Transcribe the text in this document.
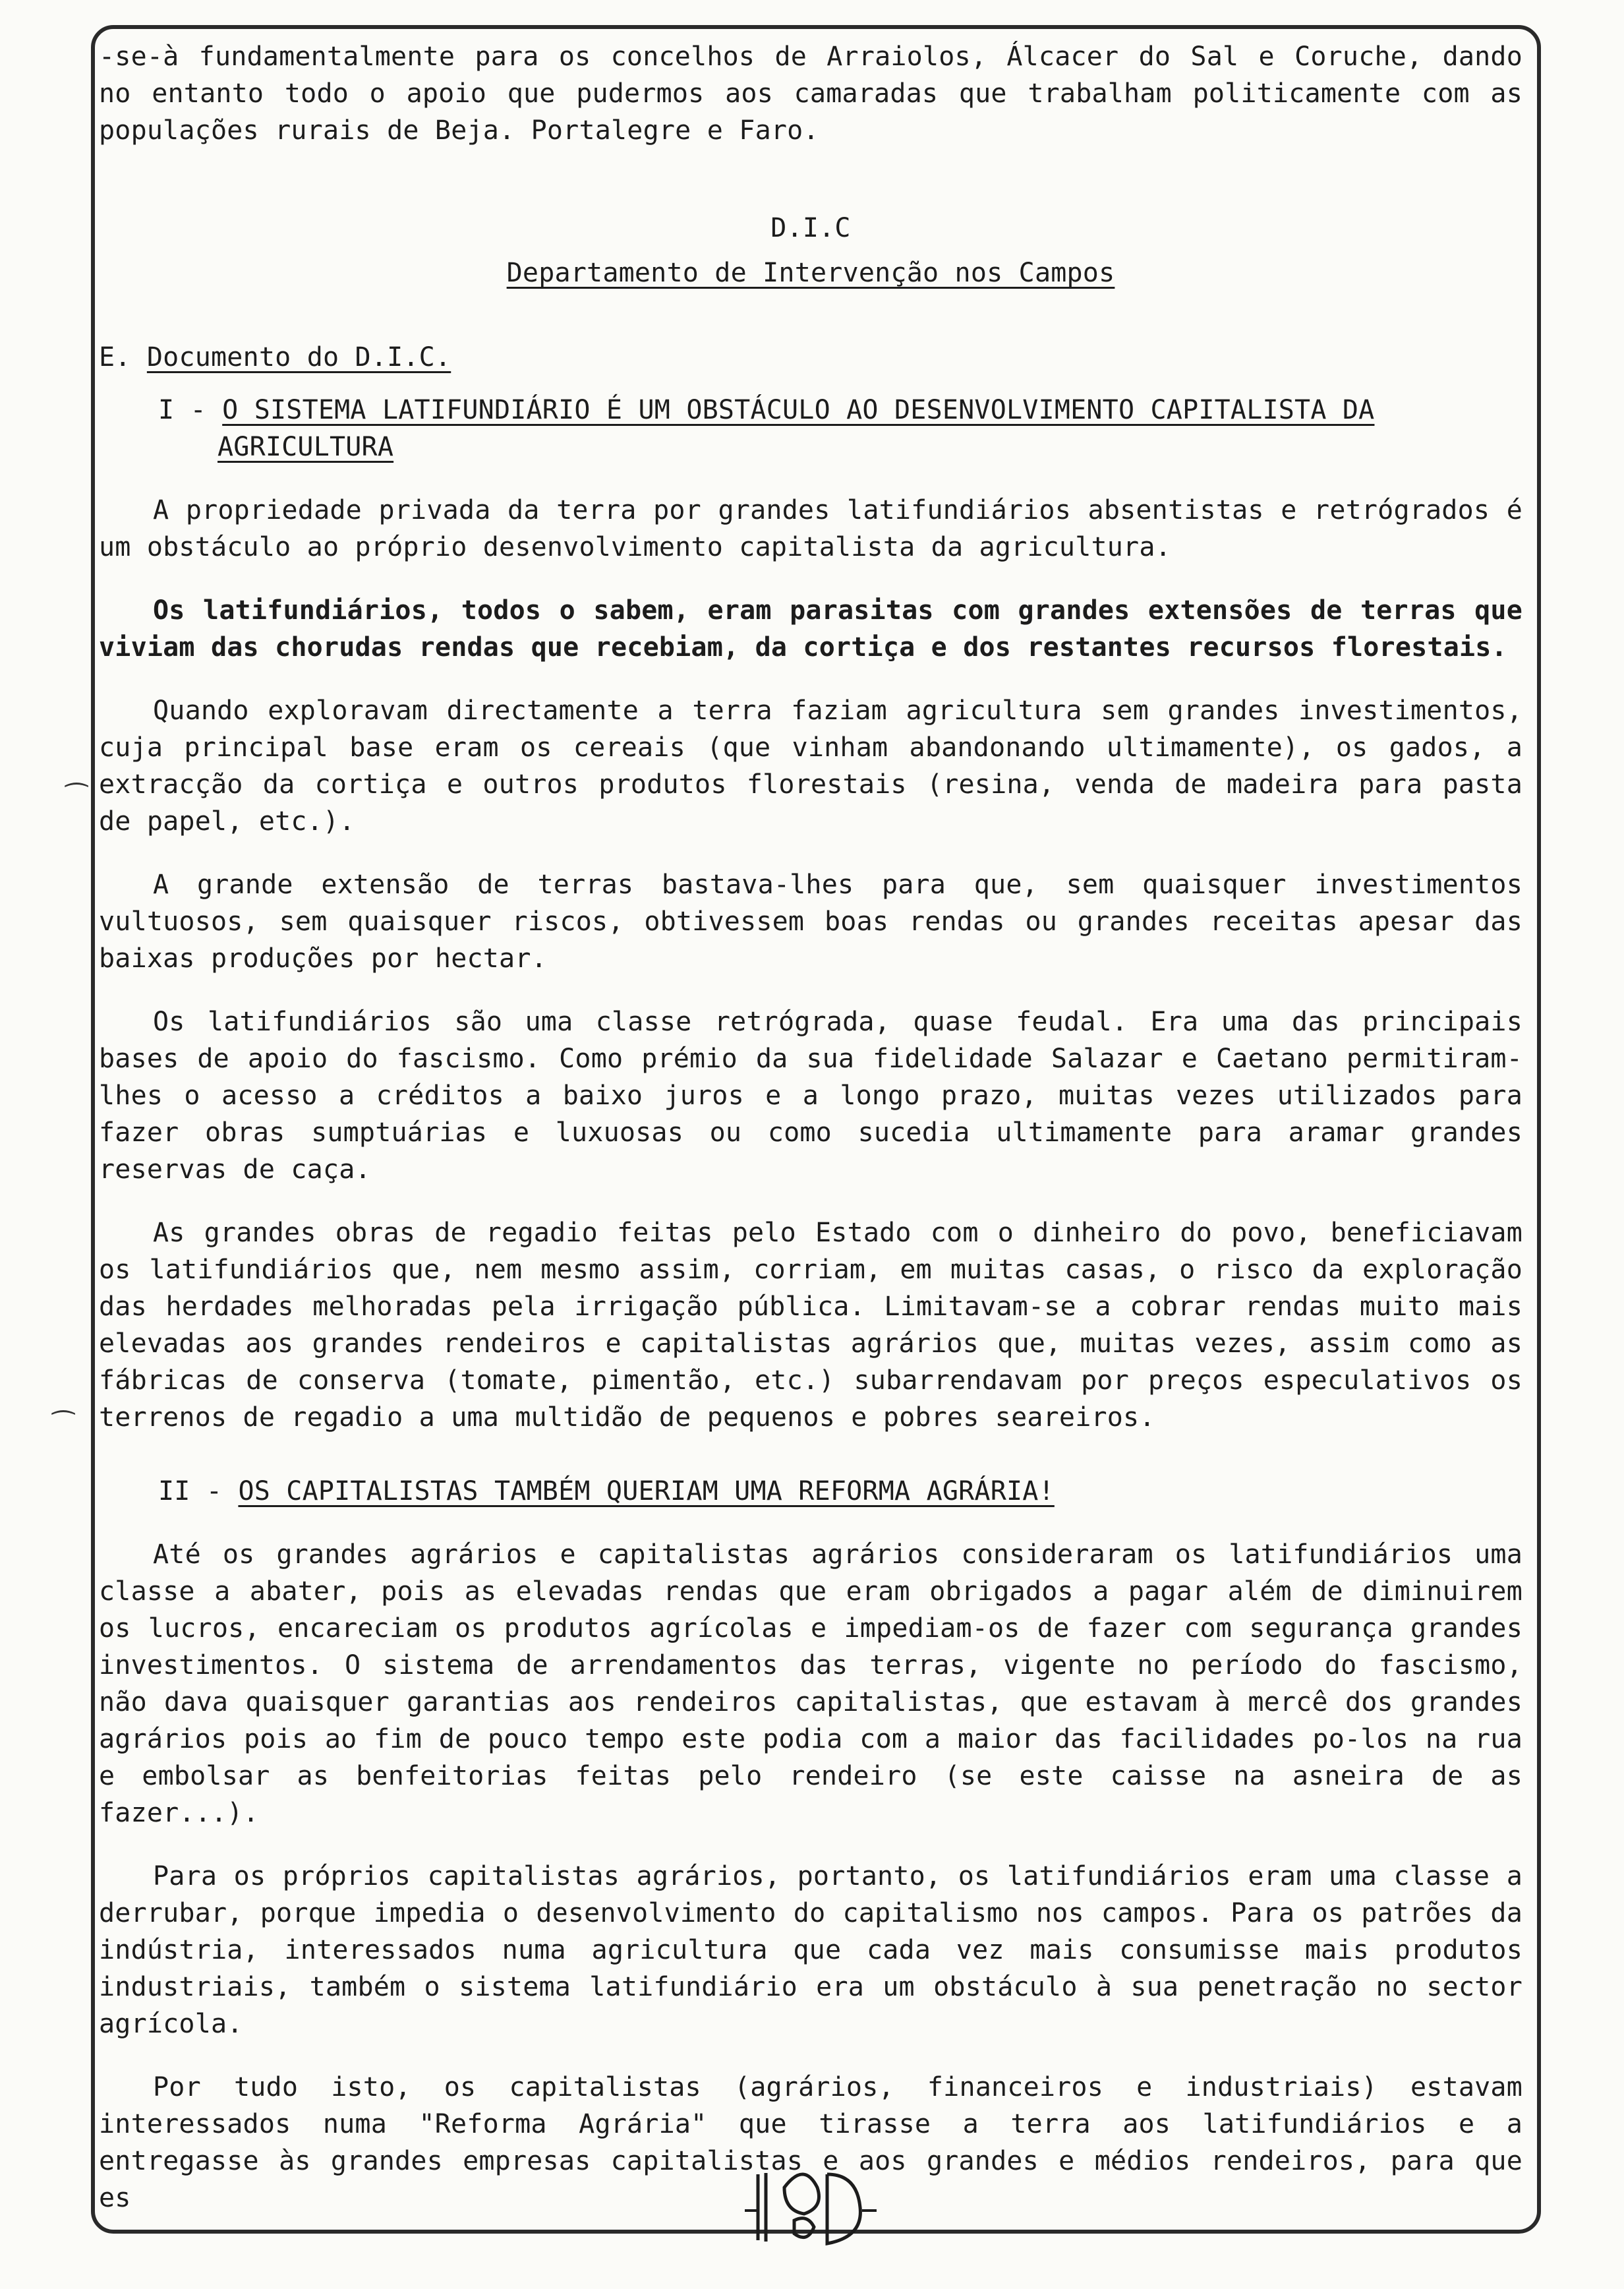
-se-à fundamentalmente para os concelhos de Arraiolos, Álcacer do Sal e Coruche, dando no entanto todo o apoio que pudermos aos camaradas que trabalham politicamente com as populações rurais de Beja. Portalegre e Faro.

D.I.C
Departamento de Intervenção nos Campos
E. Documento do D.I.C.
I - O SISTEMA LATIFUNDIÁRIO É UM OBSTÁCULO AO DESENVOLVIMENTO CAPITALISTA DA
AGRICULTURA

A propriedade privada da terra por grandes latifundiários absentistas e retrógrados é um obstáculo ao próprio desenvolvimento capitalista da agricultura.

Os latifundiários, todos o sabem, eram parasitas com grandes extensões de terras que viviam das chorudas rendas que recebiam, da cortiça e dos restantes recursos florestais.

Quando exploravam directamente a terra faziam agricultura sem grandes investimentos, cuja principal base eram os cereais (que vinham abandonando ultimamente), os gados, a extracção da cortiça e outros produtos florestais (resina, venda de madeira para pasta de papel, etc.).

A grande extensão de terras bastava-lhes para que, sem quaisquer investimentos vultuosos, sem quaisquer riscos, obtivessem boas rendas ou grandes receitas apesar das baixas produções por hectar.

Os latifundiários são uma classe retrógrada, quase feudal. Era uma das principais bases de apoio do fascismo. Como prémio da sua fidelidade Salazar e Caetano permitiram-lhes o acesso a créditos a baixo juros e a longo prazo, muitas vezes utilizados para fazer obras sumptuárias e luxuosas ou como sucedia ultimamente para aramar grandes reservas de caça.

As grandes obras de regadio feitas pelo Estado com o dinheiro do povo, beneficiavam os latifundiários que, nem mesmo assim, corriam, em muitas casas, o risco da exploração das herdades melhoradas pela irrigação pública. Limitavam-se a cobrar rendas muito mais elevadas aos grandes rendeiros e capitalistas agrários que, muitas vezes, assim como as fábricas de conserva (tomate, pimentão, etc.) subarrendavam por preços especulativos os terrenos de regadio a uma multidão de pequenos e pobres seareiros.

II - OS CAPITALISTAS TAMBÉM QUERIAM UMA REFORMA AGRÁRIA!

Até os grandes agrários e capitalistas agrários consideraram os latifundiários uma classe a abater, pois as elevadas rendas que eram obrigados a pagar além de diminuirem os lucros, encareciam os produtos agrícolas e impediam-os de fazer com segurança grandes investimentos. O sistema de arrendamentos das terras, vigente no período do fascismo, não dava quaisquer garantias aos rendeiros capitalistas, que estavam à mercê dos grandes agrários pois ao fim de pouco tempo este podia com a maior das facilidades po-los na rua e embolsar as benfeitorias feitas pelo rendeiro (se este caisse na asneira de as fazer...).

Para os próprios capitalistas agrários, portanto, os latifundiários eram uma classe a derrubar, porque impedia o desenvolvimento do capitalismo nos campos. Para os patrões da indústria, interessados numa agricultura que cada vez mais consumisse mais produtos industriais, também o sistema latifundiário era um obstáculo à sua penetração no sector agrícola.

Por tudo isto, os capitalistas (agrários, financeiros e industriais) estavam interessados numa "Reforma Agrária" que tirasse a terra aos latifundiários e a entregasse às grandes empresas capitalistas e aos grandes e médios rendeiros, para que es

⁀
⁀
